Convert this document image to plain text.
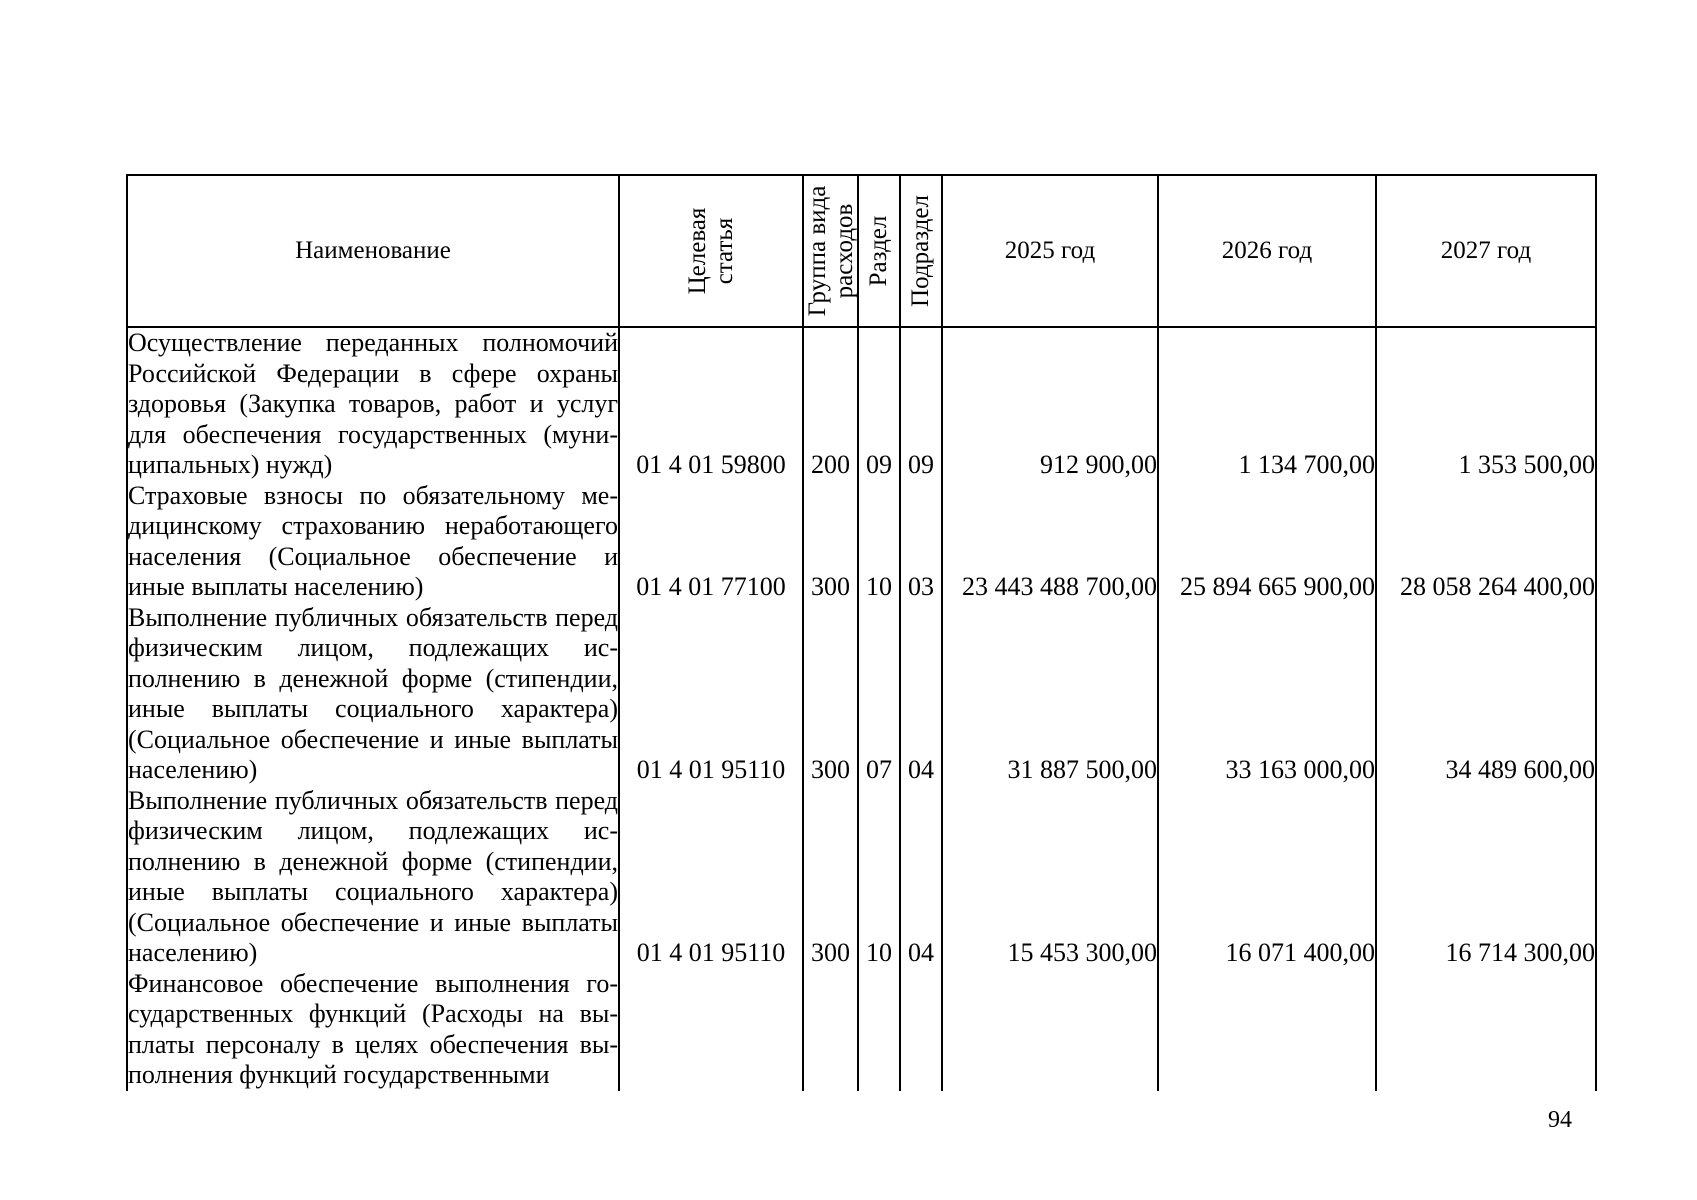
Наименование	Целевая статья	Группа вида расходов	Раздел	Подраздел	2025 год	2026 год	2027 год
Осуществление переданных полномочий Российской Федерации в сфере охраны здоровья (Закупка товаров, работ и услуг для обеспечения государственных (муниципальных) нужд)	01 4 01 59800	200	09	09	912 900,00	1 134 700,00	1 353 500,00
Страховые взносы по обязательному медицинскому страхованию неработающего населения (Социальное обеспечение и иные выплаты населению)	01 4 01 77100	300	10	03	23 443 488 700,00	25 894 665 900,00	28 058 264 400,00
Выполнение публичных обязательств перед физическим лицом, подлежащих исполнению в денежной форме (стипендии, иные выплаты социального характера) (Социальное обеспечение и иные выплаты населению)	01 4 01 95110	300	07	04	31 887 500,00	33 163 000,00	34 489 600,00
Выполнение публичных обязательств перед физическим лицом, подлежащих исполнению в денежной форме (стипендии, иные выплаты социального характера) (Социальное обеспечение и иные выплаты населению)	01 4 01 95110	300	10	04	15 453 300,00	16 071 400,00	16 714 300,00
Финансовое обеспечение выполнения государственных функций (Расходы на выплаты персоналу в целях обеспечения выполнения функций государственными							
94
